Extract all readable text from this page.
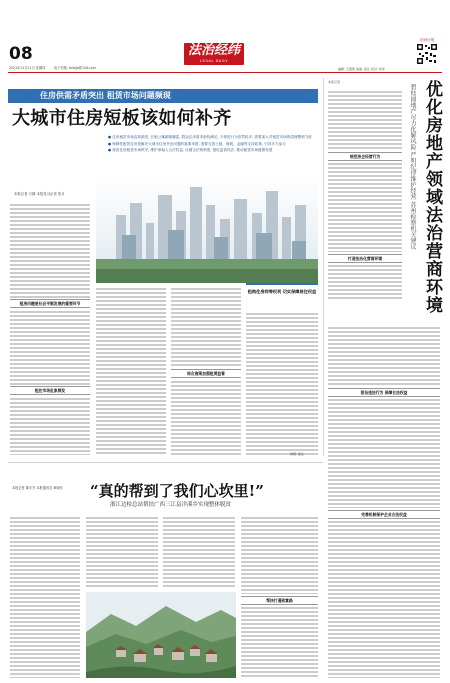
08
2021年11月11日 星期四	电子信箱: fzrbjjb@126.com
法治经纬
LEGAL DAILY
编辑: 王银胜 美编: 高岳 校对: 何卓
法治日报
住房供需矛盾突出 租赁市场问题频现
大城市住房短板该如何补齐
● 住房租赁市场乱象频发, 长租公寓频频爆雷, 群众住房需求亟待满足, 不规范行为依然较多, 需要加大对租赁市场的清理整顿力度
● 保障性租赁住房是解决大城市住房突出问题的重要举措, 需要完善土地、财税、金融等支持政策, 引导多方参与
● 规范住房租赁市场秩序, 维护承租人合法权益, 应健全法规制度, 强化监管执法, 推动租赁市场健康发展
本报记者 万静 本报见习记者 张月
租房问题是社会平衡发展的重要环节
租住市场乱象频发
综合施策加强租赁监管
租购住房同等权利 切实保障居住权益
本报记者	优化房地产领域法治营商环境
碧桂园地产尽力化解风险 严明纪律维护经营 苏州检察机关建议
规范房企经营行为
打造法治化营商环境
惩治违法行为 保障合法权益
完善机制保护企业合法权益
制图: 高岳
“真的帮到了我们心坎里!”
浙江边检总站帮扶广西三江县洋溪乡实现整体脱贫
本报记者 陈东升 本报通讯员 章晓东
帮扶打通致富路
